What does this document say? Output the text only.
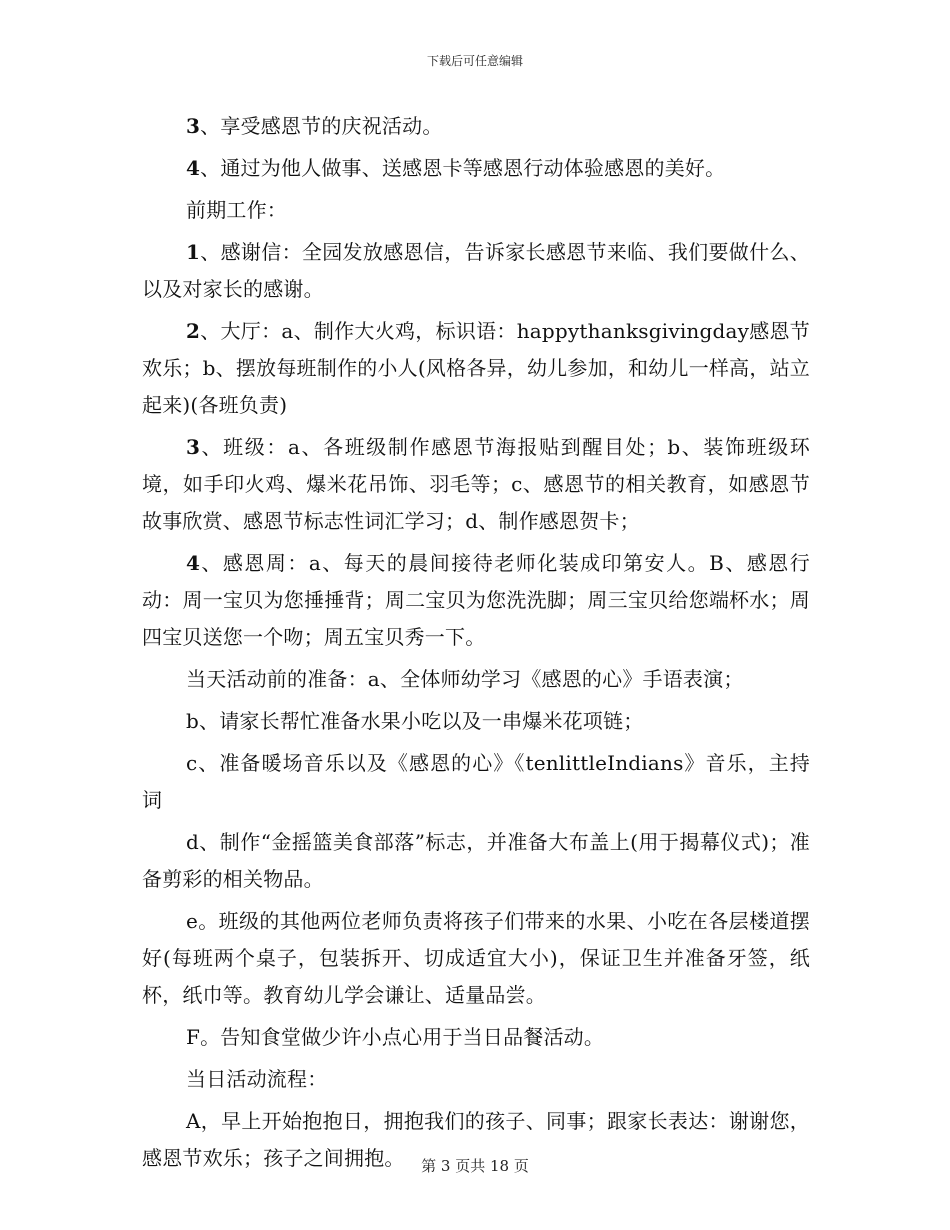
下载后可任意编辑

3、享受感恩节的庆祝活动。

4、通过为他人做事、送感恩卡等感恩行动体验感恩的美好。

前期工作：

1、感谢信：全园发放感恩信，告诉家长感恩节来临、我们要做什么、以及对家长的感谢。

2、大厅：a、制作大火鸡，标识语：happythanksgivingday感恩节欢乐；b、摆放每班制作的小人(风格各异，幼儿参加，和幼儿一样高，站立起来)(各班负责)

3、班级：a、各班级制作感恩节海报贴到醒目处；b、装饰班级环境，如手印火鸡、爆米花吊饰、羽毛等；c、感恩节的相关教育，如感恩节故事欣赏、感恩节标志性词汇学习；d、制作感恩贺卡；

4、感恩周：a、每天的晨间接待老师化装成印第安人。B、感恩行动：周一宝贝为您捶捶背；周二宝贝为您洗洗脚；周三宝贝给您端杯水；周四宝贝送您一个吻；周五宝贝秀一下。

当天活动前的准备：a、全体师幼学习《感恩的心》手语表演；

b、请家长帮忙准备水果小吃以及一串爆米花项链；

c、准备暖场音乐以及《感恩的心》《tenlittleIndians》音乐，主持词

d、制作“金摇篮美食部落”标志，并准备大布盖上(用于揭幕仪式)；准备剪彩的相关物品。

e。班级的其他两位老师负责将孩子们带来的水果、小吃在各层楼道摆好(每班两个桌子，包装拆开、切成适宜大小)，保证卫生并准备牙签，纸杯，纸巾等。教育幼儿学会谦让、适量品尝。

F。告知食堂做少许小点心用于当日品餐活动。

当日活动流程：

A，早上开始抱抱日，拥抱我们的孩子、同事；跟家长表达：谢谢您，感恩节欢乐；孩子之间拥抱。	第 3 页共 18 页
